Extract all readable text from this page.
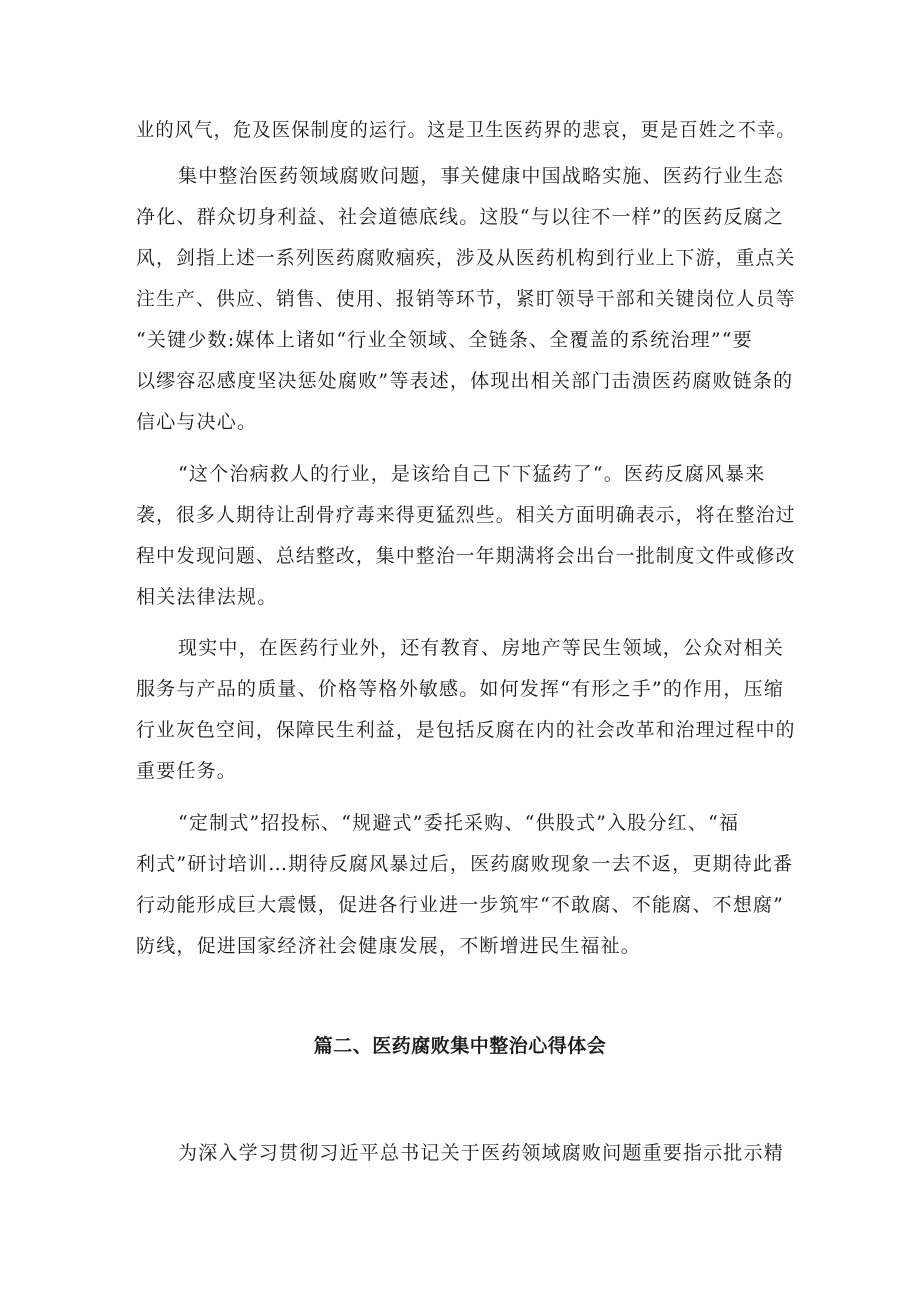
业的风气，危及医保制度的运行。这是卫生医药界的悲哀，更是百姓之不幸。
集中整治医药领域腐败问题，事关健康中国战略实施、医药行业生态
净化、群众切身利益、社会道德底线。这股“与以往不一样”的医药反腐之
风，剑指上述一系列医药腐败痼疾，涉及从医药机构到行业上下游，重点关
注生产、供应、销售、使用、报销等环节，紧盯领导干部和关键岗位人员等
“关键少数:媒体上诸如“行业全领域、全链条、全覆盖的系统治理”“要
以缪容忍感度坚决惩处腐败”等表述，体现出相关部门击溃医药腐败链条的
信心与决心。
“这个治病救人的行业，是该给自己下下猛药了“。医药反腐风暴来
袭，很多人期待让刮骨疗毒来得更猛烈些。相关方面明确表示，将在整治过
程中发现问题、总结整改，集中整治一年期满将会出台一批制度文件或修改
相关法律法规。
现实中，在医药行业外，还有教育、房地产等民生领域，公众对相关
服务与产品的质量、价格等格外敏感。如何发挥“有形之手”的作用，压缩
行业灰色空间，保障民生利益，是包括反腐在内的社会改革和治理过程中的
重要任务。
“定制式”招投标、“规避式”委托采购、“供股式”入股分红、“福
利式”研讨培训…期待反腐风暴过后，医药腐败现象一去不返，更期待此番
行动能形成巨大震慑，促进各行业进一步筑牢“不敢腐、不能腐、不想腐”
防线，促进国家经济社会健康发展，不断增进民生福祉。
篇二、医药腐败集中整治心得体会
为深入学习贯彻习近平总书记关于医药领域腐败问题重要指示批示精
